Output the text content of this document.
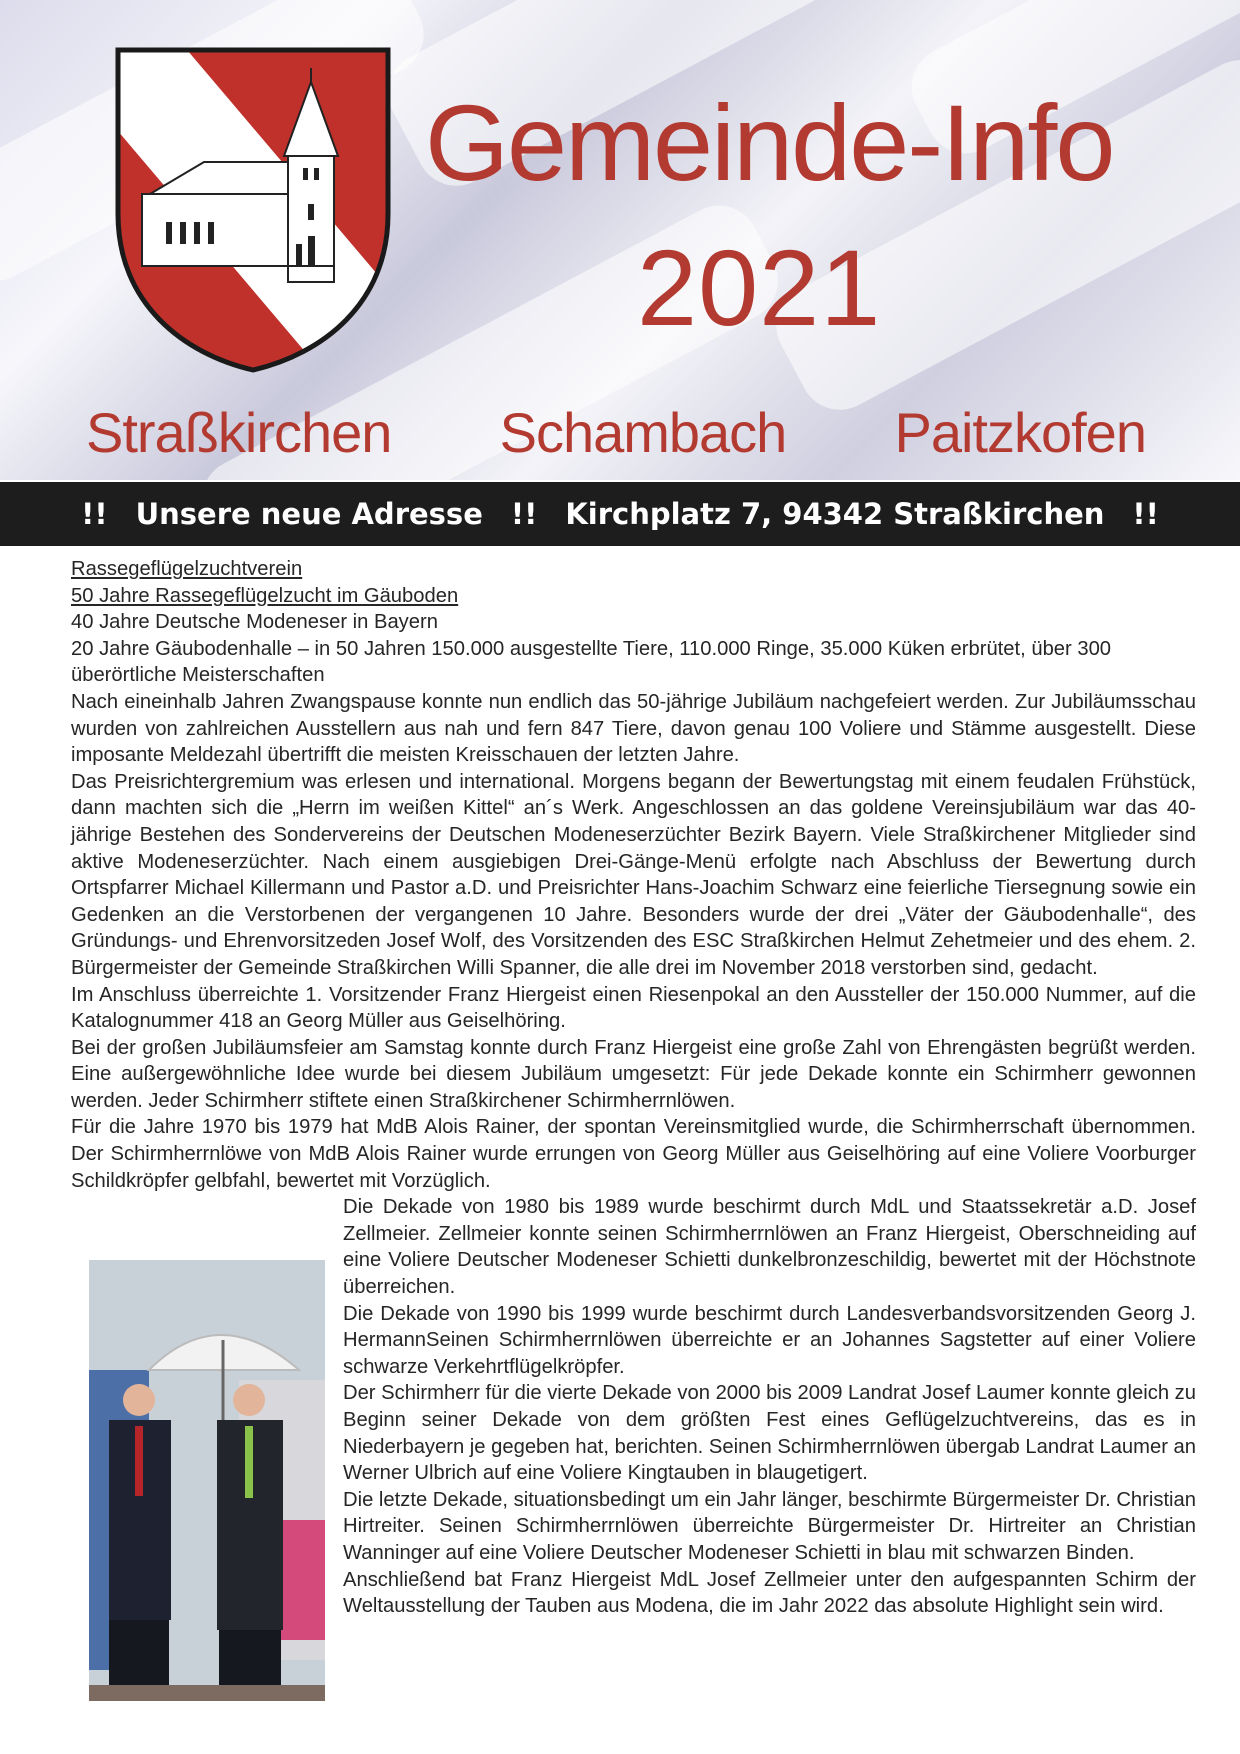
Gemeinde-Info
2021
Straßkirchen Schambach Paitzkofen
!! Unsere neue Adresse !! Kirchplatz 7, 94342 Straßkirchen !!

Rassegeflügelzuchtverein

50 Jahre Rassegeflügelzucht im Gäuboden

40 Jahre Deutsche Modeneser in Bayern

20 Jahre Gäubodenhalle – in 50 Jahren 150.000 ausgestellte Tiere, 110.000 Ringe, 35.000 Küken erbrütet, über 300 überörtliche Meisterschaften

Nach eineinhalb Jahren Zwangspause konnte nun endlich das 50-jährige Jubiläum nachgefeiert werden. Zur Jubiläumsschau wurden von zahlreichen Ausstellern aus nah und fern 847 Tiere, davon genau 100 Voliere und Stämme ausgestellt. Diese imposante Meldezahl übertrifft die meisten Kreisschauen der letzten Jahre.

Das Preisrichtergremium was erlesen und international. Morgens begann der Bewertungstag mit einem feudalen Frühstück, dann machten sich die „Herrn im weißen Kittel“ an´s Werk. Angeschlossen an das goldene Vereinsjubiläum war das 40-jährige Bestehen des Sondervereins der Deutschen Modeneserzüchter Bezirk Bayern. Viele Straßkirchener Mitglieder sind aktive Modeneserzüchter. Nach einem ausgiebigen Drei-Gänge-Menü erfolgte nach Abschluss der Bewertung durch Ortspfarrer Michael Killermann und Pastor a.D. und Preisrichter Hans-Joachim Schwarz eine feierliche Tiersegnung sowie ein Gedenken an die Verstorbenen der vergangenen 10 Jahre. Besonders wurde der drei „Väter der Gäubodenhalle“, des Gründungs- und Ehrenvorsitzeden Josef Wolf, des Vorsitzenden des ESC Straßkirchen Helmut Zehetmeier und des ehem. 2. Bürgermeister der Gemeinde Straßkirchen Willi Spanner, die alle drei im November 2018 verstorben sind, gedacht.

Im Anschluss überreichte 1. Vorsitzender Franz Hiergeist einen Riesenpokal an den Aussteller der 150.000 Nummer, auf die Katalognummer 418 an Georg Müller aus Geiselhöring.

Bei der großen Jubiläumsfeier am Samstag konnte durch Franz Hiergeist eine große Zahl von Ehrengästen begrüßt werden. Eine außergewöhnliche Idee wurde bei diesem Jubiläum umgesetzt: Für jede Dekade konnte ein Schirmherr gewonnen werden. Jeder Schirmherr stiftete einen Straßkirchener Schirmherrnlöwen.

Für die Jahre 1970 bis 1979 hat MdB Alois Rainer, der spontan Vereinsmitglied wurde, die Schirmherrschaft übernommen. Der Schirmherrnlöwe von MdB Alois Rainer wurde errungen von Georg Müller aus Geiselhöring auf eine Voliere Voorburger Schildkröpfer gelbfahl, bewertet mit Vorzüglich.

Die Dekade von 1980 bis 1989 wurde beschirmt durch MdL und Staatssekretär a.D. Josef Zellmeier. Zellmeier konnte seinen Schirmherrnlöwen an Franz Hiergeist, Oberschneiding auf eine Voliere Deutscher Modeneser Schietti dunkelbronzeschildig, bewertet mit der Höchstnote überreichen.

Die Dekade von 1990 bis 1999 wurde beschirmt durch Landesverbandsvorsitzenden Georg J. HermannSeinen Schirmherrnlöwen überreichte er an Johannes Sagstetter auf einer Voliere schwarze Verkehrtflügelkröpfer.

Der Schirmherr für die vierte Dekade von 2000 bis 2009 Landrat Josef Laumer konnte gleich zu Beginn seiner Dekade von dem größten Fest eines Geflügelzuchtvereins, das es in Niederbayern je gegeben hat, berichten. Seinen Schirmherrnlöwen übergab Landrat Laumer an Werner Ulbrich auf eine Voliere Kingtauben in blaugetigert.

Die letzte Dekade, situationsbedingt um ein Jahr länger, beschirmte Bürgermeister Dr. Christian Hirtreiter. Seinen Schirmherrnlöwen überreichte Bürgermeister Dr. Hirtreiter an Christian Wanninger auf eine Voliere Deutscher Modeneser Schietti in blau mit schwarzen Binden.

Anschließend bat Franz Hiergeist MdL Josef Zellmeier unter den aufgespannten Schirm der Weltausstellung der Tauben aus Modena, die im Jahr 2022 das absolute Highlight sein wird.
